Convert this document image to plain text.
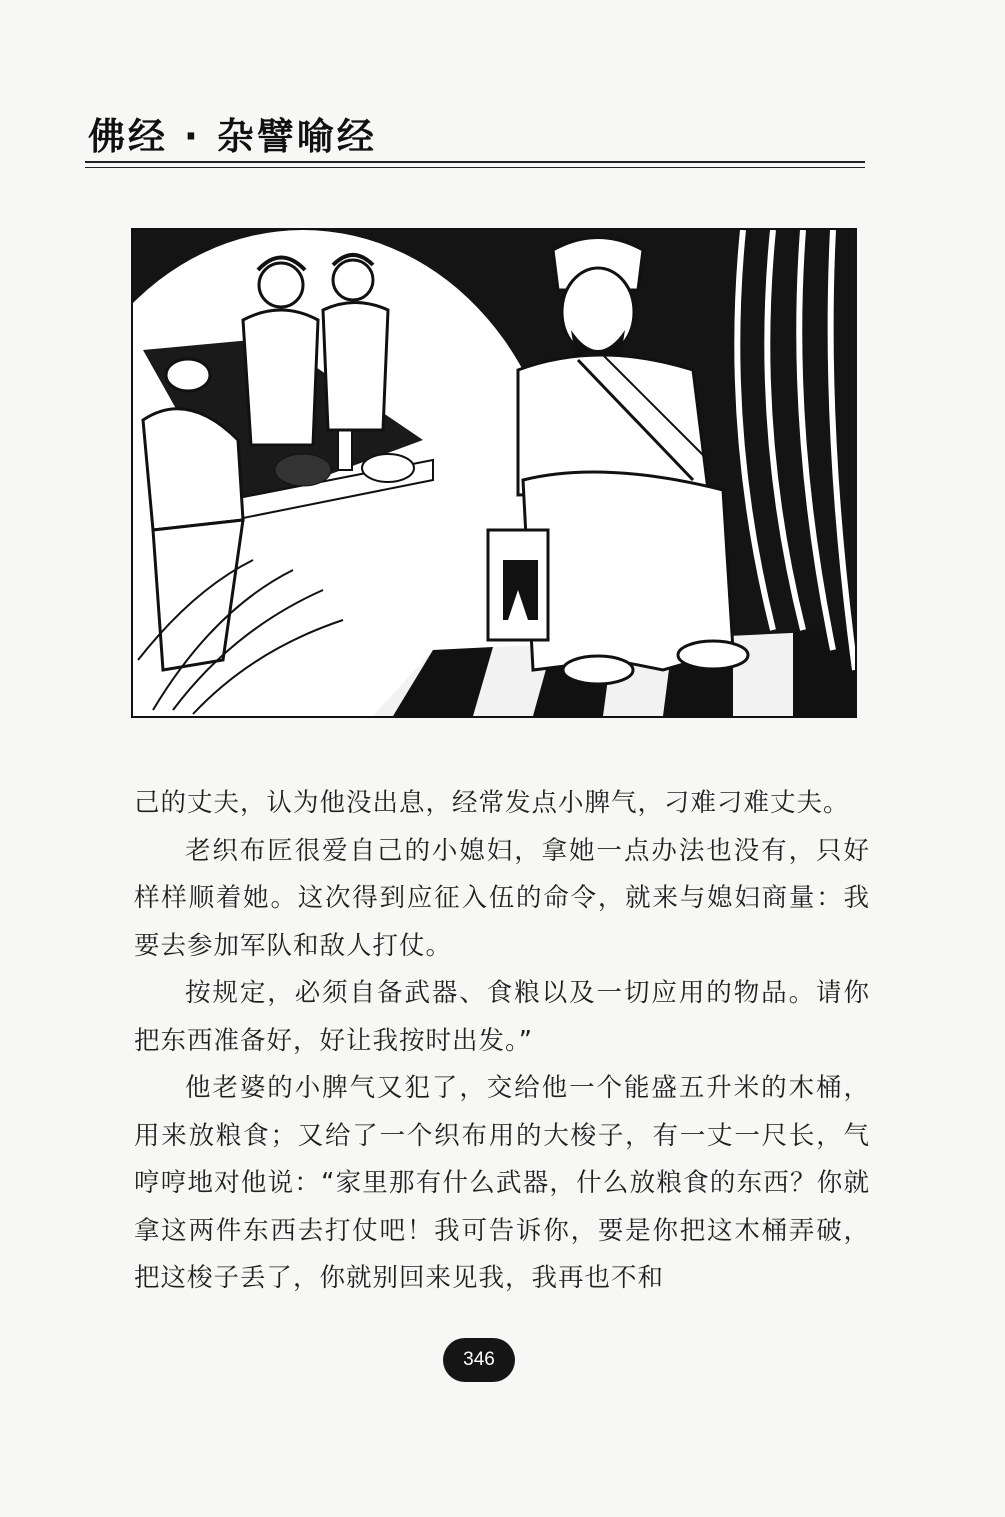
佛经 · 杂譬喻经

己的丈夫，认为他没出息，经常发点小脾气，刁难刁难丈夫。

老织布匠很爱自己的小媳妇，拿她一点办法也没有，只好样样顺着她。这次得到应征入伍的命令，就来与媳妇商量：我要去参加军队和敌人打仗。

按规定，必须自备武器、食粮以及一切应用的物品。请你把东西准备好，好让我按时出发。”

他老婆的小脾气又犯了，交给他一个能盛五升米的木桶，用来放粮食；又给了一个织布用的大梭子，有一丈一尺长，气哼哼地对他说：“家里那有什么武器，什么放粮食的东西？你就拿这两件东西去打仗吧！我可告诉你，要是你把这木桶弄破，把这梭子丢了，你就别回来见我，我再也不和

346
